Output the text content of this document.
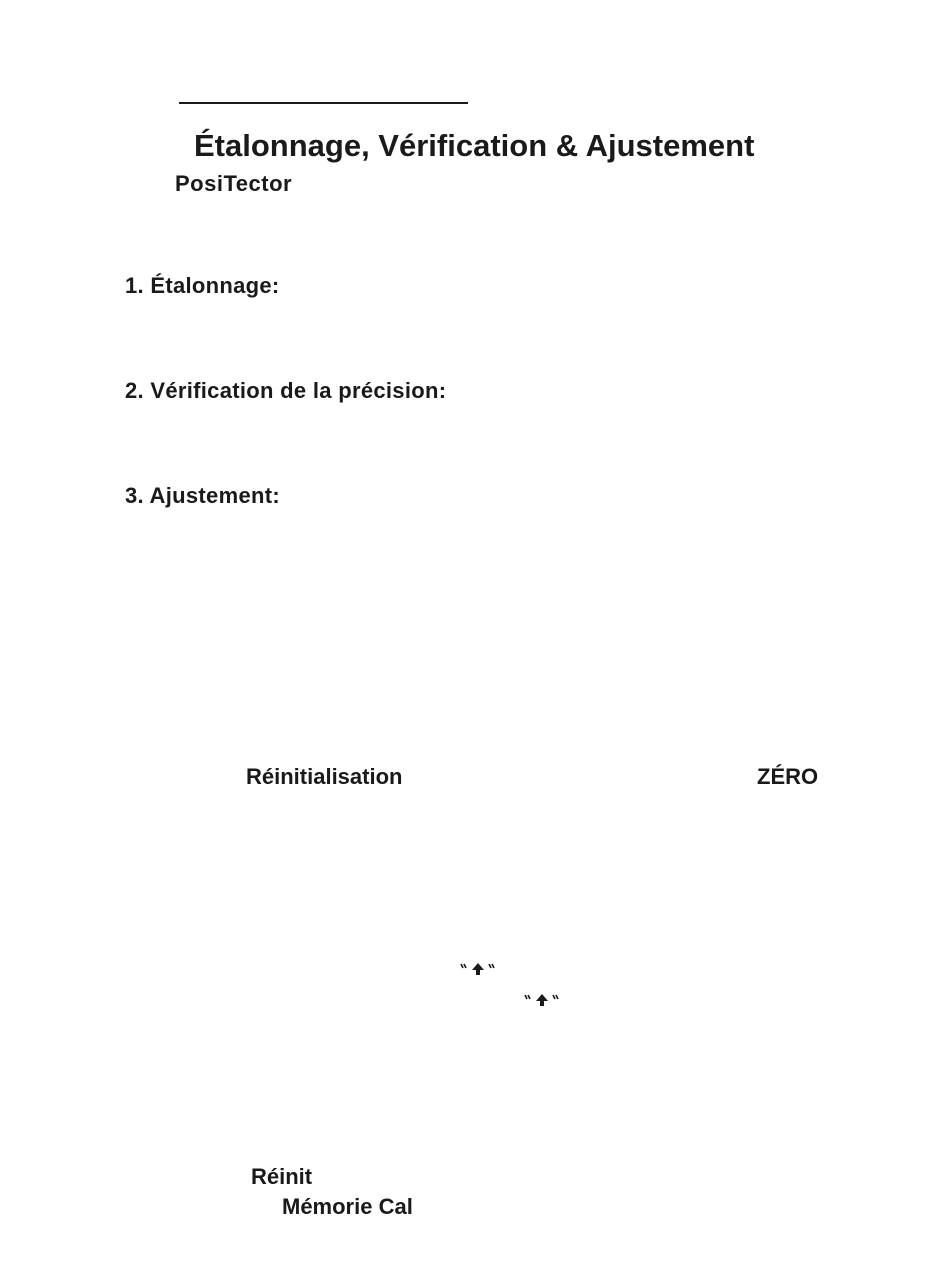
Étalonnage, Vérification & Ajustement
PosiTector
1. Étalonnage:
2. Vérification de la précision:
3. Ajustement:
Réinitialisation	ZÉRO
Réinit
Mémorie Cal
